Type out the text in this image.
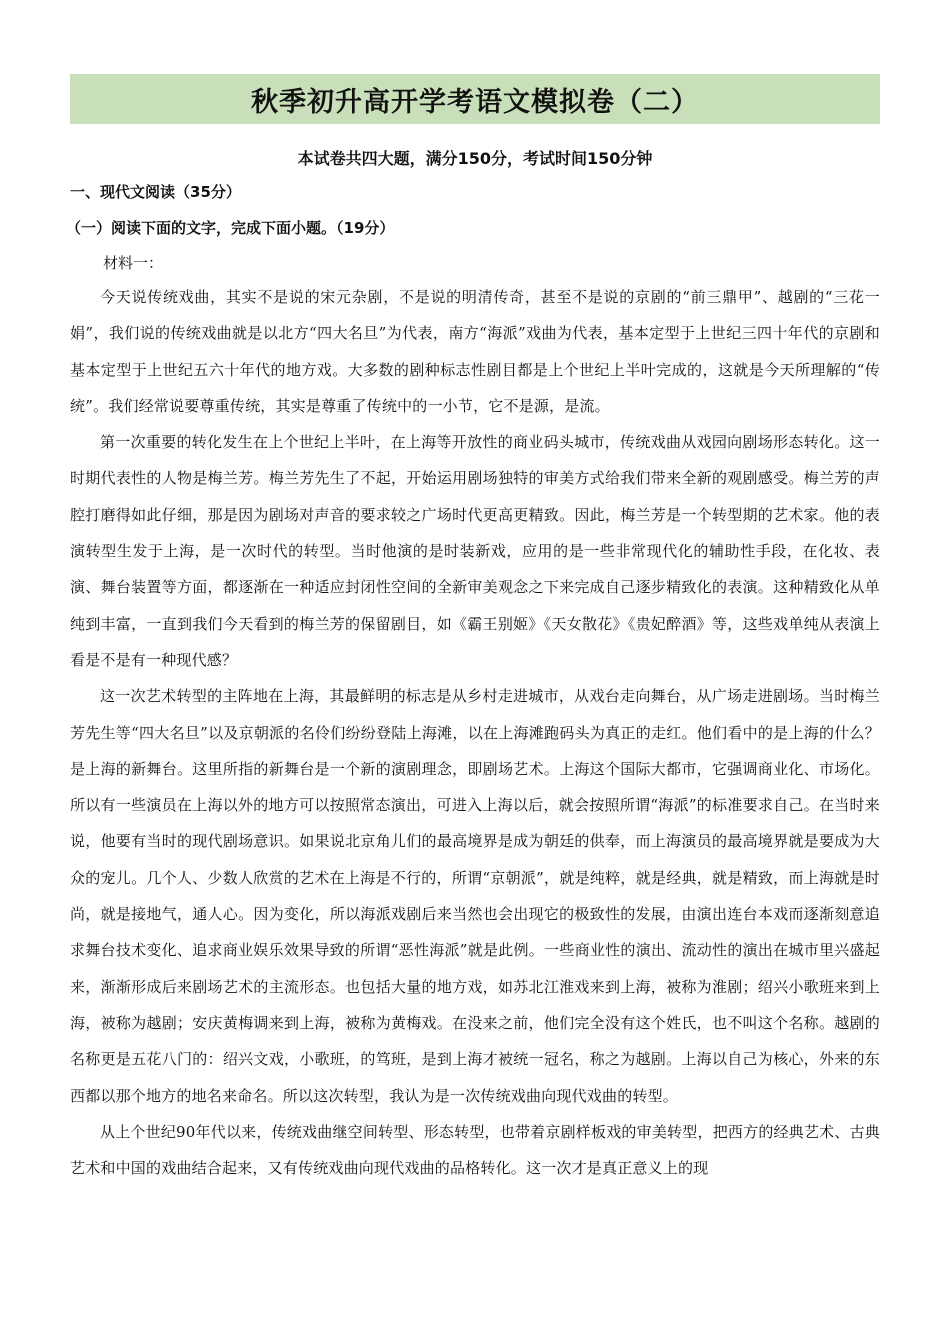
秋季初升高开学考语文模拟卷（二）
本试卷共四大题，满分150分，考试时间150分钟
一、现代文阅读（35分）
（一）阅读下面的文字，完成下面小题。（19分）
材料一：

今天说传统戏曲，其实不是说的宋元杂剧，不是说的明清传奇，甚至不是说的京剧的“前三鼎甲”、越剧的“三花一娟”，我们说的传统戏曲就是以北方“四大名旦”为代表，南方“海派”戏曲为代表，基本定型于上世纪三四十年代的京剧和基本定型于上世纪五六十年代的地方戏。大多数的剧种标志性剧目都是上个世纪上半叶完成的，这就是今天所理解的“传统”。我们经常说要尊重传统，其实是尊重了传统中的一小节，它不是源，是流。

第一次重要的转化发生在上个世纪上半叶，在上海等开放性的商业码头城市，传统戏曲从戏园向剧场形态转化。这一时期代表性的人物是梅兰芳。梅兰芳先生了不起，开始运用剧场独特的审美方式给我们带来全新的观剧感受。梅兰芳的声腔打磨得如此仔细，那是因为剧场对声音的要求较之广场时代更高更精致。因此，梅兰芳是一个转型期的艺术家。他的表演转型生发于上海，是一次时代的转型。当时他演的是时装新戏，应用的是一些非常现代化的辅助性手段，在化妆、表演、舞台装置等方面，都逐渐在一种适应封闭性空间的全新审美观念之下来完成自己逐步精致化的表演。这种精致化从单纯到丰富，一直到我们今天看到的梅兰芳的保留剧目，如《霸王别姬》《天女散花》《贵妃醉酒》等，这些戏单纯从表演上看是不是有一种现代感？

这一次艺术转型的主阵地在上海，其最鲜明的标志是从乡村走进城市，从戏台走向舞台，从广场走进剧场。当时梅兰芳先生等“四大名旦”以及京朝派的名伶们纷纷登陆上海滩，以在上海滩跑码头为真正的走红。他们看中的是上海的什么？是上海的新舞台。这里所指的新舞台是一个新的演剧理念，即剧场艺术。上海这个国际大都市，它强调商业化、市场化。所以有一些演员在上海以外的地方可以按照常态演出，可进入上海以后，就会按照所谓“海派”的标准要求自己。在当时来说，他要有当时的现代剧场意识。如果说北京角儿们的最高境界是成为朝廷的供奉，而上海演员的最高境界就是要成为大众的宠儿。几个人、少数人欣赏的艺术在上海是不行的，所谓“京朝派”，就是纯粹，就是经典，就是精致，而上海就是时尚，就是接地气，通人心。因为变化，所以海派戏剧后来当然也会出现它的极致性的发展，由演出连台本戏而逐渐刻意追求舞台技术变化、追求商业娱乐效果导致的所谓“恶性海派”就是此例。一些商业性的演出、流动性的演出在城市里兴盛起来，渐渐形成后来剧场艺术的主流形态。也包括大量的地方戏，如苏北江淮戏来到上海，被称为淮剧；绍兴小歌班来到上海，被称为越剧；安庆黄梅调来到上海，被称为黄梅戏。在没来之前，他们完全没有这个姓氏，也不叫这个名称。越剧的名称更是五花八门的：绍兴文戏，小歌班，的笃班，是到上海才被统一冠名，称之为越剧。上海以自己为核心，外来的东西都以那个地方的地名来命名。所以这次转型，我认为是一次传统戏曲向现代戏曲的转型。

从上个世纪90年代以来，传统戏曲继空间转型、形态转型，也带着京剧样板戏的审美转型，把西方的经典艺术、古典艺术和中国的戏曲结合起来，又有传统戏曲向现代戏曲的品格转化。这一次才是真正意义上的现
